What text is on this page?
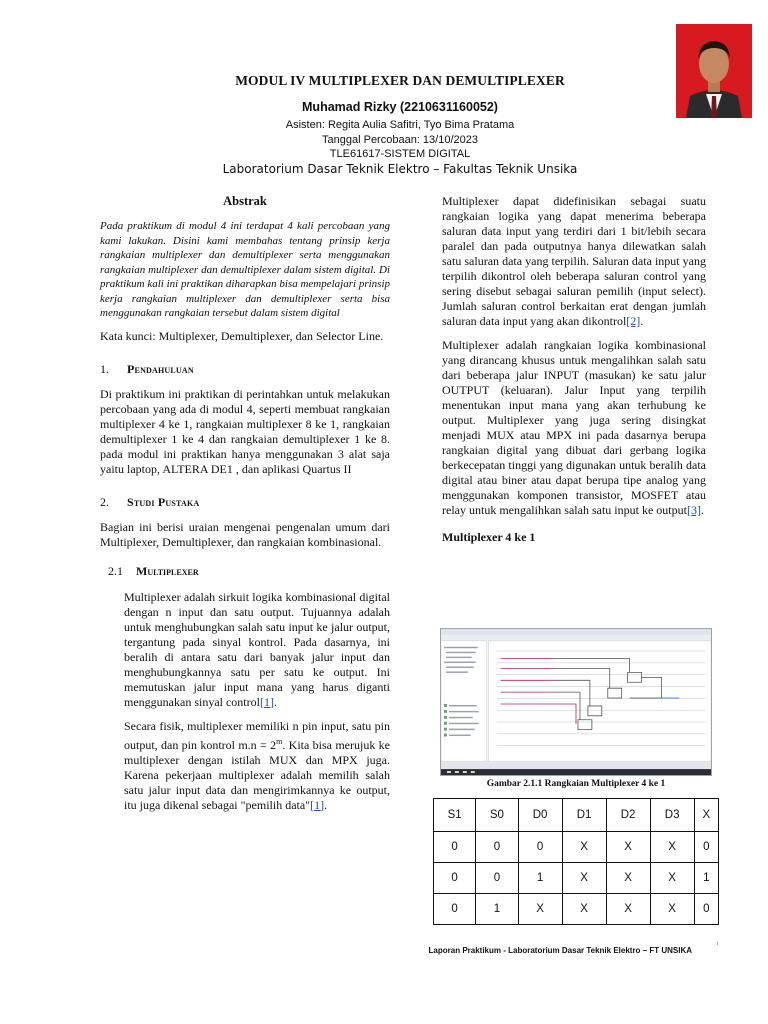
MODUL IV MULTIPLEXER DAN DEMULTIPLEXER
Muhamad Rizky (2210631160052)
Asisten: Regita Aulia Safitri, Tyo Bima Pratama
Tanggal Percobaan: 13/10/2023
TLE61617-SISTEM DIGITAL
Laboratorium Dasar Teknik Elektro – Fakultas Teknik Unsika
Abstrak

Pada praktikum di modul 4 ini terdapat 4 kali percobaan yang kami lakukan. Disini kami membahas tentang prinsip kerja rangkaian multiplexer dan demultiplexer serta menggunakan rangkaian multiplexer dan demultiplexer dalam sistem digital. Di praktikum kali ini praktikan diharapkan bisa mempelajari prinsip kerja rangkaian multiplexer dan demultiplexer serta bisa menggunakan rangkaian tersebut dalam sistem digital

Kata kunci: Multiplexer, Demultiplexer, dan Selector Line.

1.	Pendahuluan

Di praktikum ini praktikan di perintahkan untuk melakukan percobaan yang ada di modul 4, seperti membuat rangkaian multiplexer 4 ke 1, rangkaian multiplexer 8 ke 1, rangkaian demultiplexer 1 ke 4 dan rangkaian demultiplexer 1 ke 8. pada modul ini praktikan hanya menggunakan 3 alat saja yaitu laptop, ALTERA DE1 , dan aplikasi Quartus II

2.	Studi Pustaka

Bagian ini berisi uraian mengenai pengenalan umum dari Multiplexer, Demultiplexer, dan rangkaian kombinasional.

2.1	Multiplexer

Multiplexer adalah sirkuit logika kombinasional digital dengan n input dan satu output. Tujuannya adalah untuk menghubungkan salah satu input ke jalur output, tergantung pada sinyal kontrol. Pada dasarnya, ini beralih di antara satu dari banyak jalur input dan menghubungkannya satu per satu ke output. Ini memutuskan jalur input mana yang harus diganti menggunakan sinyal control[1].

Secara fisik, multiplexer memiliki n pin input, satu pin output, dan pin kontrol $m.n = 2^m$. Kita bisa merujuk ke multiplexer dengan istilah MUX dan MPX juga. Karena pekerjaan multiplexer adalah memilih salah satu jalur input data dan mengirimkannya ke output, itu juga dikenal sebagai "pemilih data"[1].

Multiplexer dapat didefinisikan sebagai suatu rangkaian logika yang dapat menerima beberapa saluran data input yang terdiri dari 1 bit/lebih secara paralel dan pada outputnya hanya dilewatkan salah satu saluran data yang terpilih. Saluran data input yang terpilih dikontrol oleh beberapa saluran control yang sering disebut sebagai saluran pemilih (input select). Jumlah saluran control berkaitan erat dengan jumlah saluran data input yang akan dikontrol[2].

Multiplexer adalah rangkaian logika kombinasional yang dirancang khusus untuk mengalihkan salah satu dari beberapa jalur INPUT (masukan) ke satu jalur OUTPUT (keluaran). Jalur Input yang terpilih menentukan input mana yang akan terhubung ke output. Multiplexer yang juga sering disingkat menjadi MUX atau MPX ini pada dasarnya berupa rangkaian digital yang dibuat dari gerbang logika berkecepatan tinggi yang digunakan untuk beralih data digital atau biner atau dapat berupa tipe analog yang menggunakan komponen transistor, MOSFET atau relay untuk mengalihkan salah satu input ke output[3].

Multiplexer 4 ke 1
Gambar 2.1.1 Rangkaian Multiplexer 4 ke 1
S1	S0	D0	D1	D2	D3	X
0	0	0	X	X	X	0
0	0	1	X	X	X	1
0	1	X	X	X	X	0
Laporan Praktikum - Laboratorium Dasar Teknik Elektro – FT UNSIKA
1
